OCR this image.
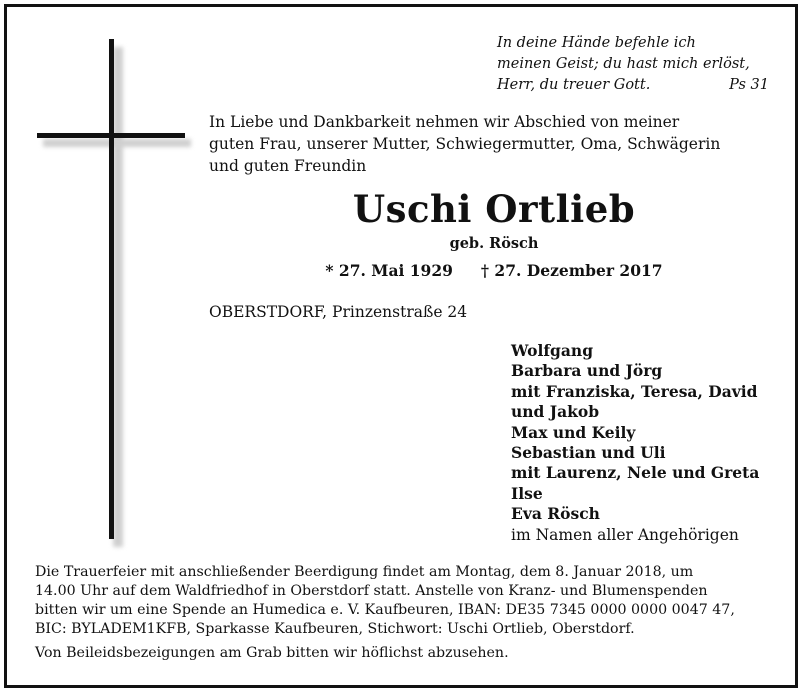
In deine Hände befehle ich
meinen Geist; du hast mich erlöst,
Herr, du treuer Gott.	Ps 31
In Liebe und Dankbarkeit nehmen wir Abschied von meiner
guten Frau, unserer Mutter, Schwiegermutter, Oma, Schwägerin
und guten Freundin
Uschi Ortlieb
geb. Rösch
* 27. Mai 1929 † 27. Dezember 2017
OBERSTDORF, Prinzenstraße 24
Wolfgang
Barbara und Jörg
mit Franziska, Teresa, David
und Jakob
Max und Keily
Sebastian und Uli
mit Laurenz, Nele und Greta
Ilse
Eva Rösch
im Namen aller Angehörigen
Die Trauerfeier mit anschließender Beerdigung findet am Montag, dem 8. Januar 2018, um
14.00 Uhr auf dem Waldfriedhof in Oberstdorf statt. Anstelle von Kranz- und Blumenspenden
bitten wir um eine Spende an Humedica e. V. Kaufbeuren, IBAN: DE35 7345 0000 0000 0047 47,
BIC: BYLADEM1KFB, Sparkasse Kaufbeuren, Stichwort: Uschi Ortlieb, Oberstdorf.
Von Beileidsbezeigungen am Grab bitten wir höflichst abzusehen.
